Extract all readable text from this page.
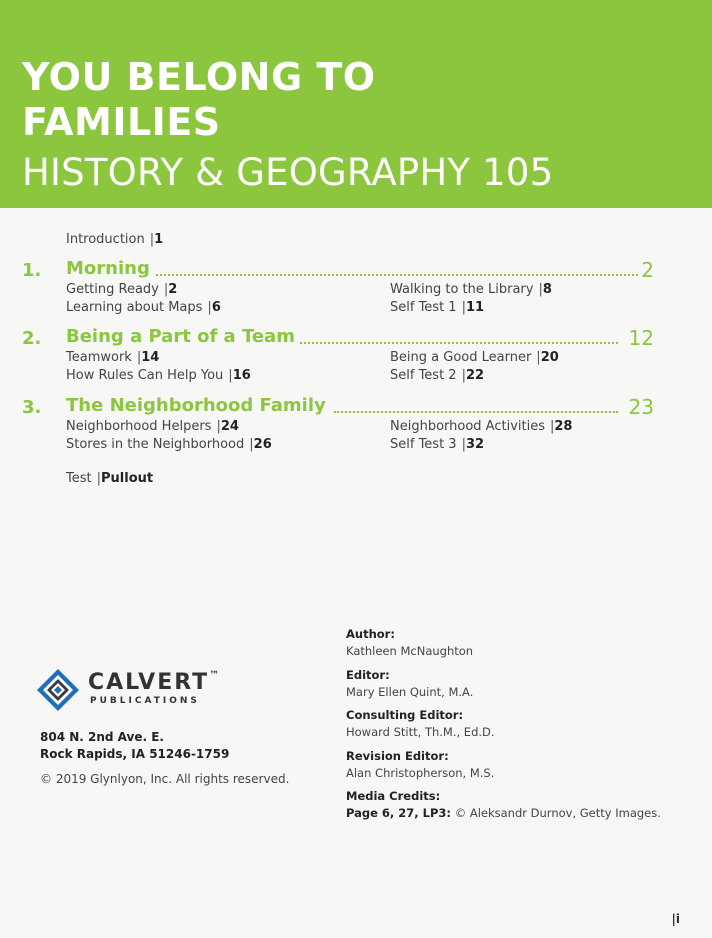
YOU BELONG TO
FAMILIES
HISTORY & GEOGRAPHY 105
Introduction |1
1. Morning	2
Getting Ready |2
Learning about Maps |6
Walking to the Library |8
Self Test 1 |11
2. Being a Part of a Team	12
Teamwork |14
How Rules Can Help You |16
Being a Good Learner |20
Self Test 2 |22
3. The Neighborhood Family	23
Neighborhood Helpers |24
Stores in the Neighborhood |26
Neighborhood Activities |28
Self Test 3 |32
Test |Pullout
CALVERT™
PUBLICATIONS
804 N. 2nd Ave. E.
Rock Rapids, IA 51246-1759
© 2019 Glynlyon, Inc. All rights reserved.
Author:
Kathleen McNaughton
Editor:
Mary Ellen Quint, M.A.
Consulting Editor:
Howard Stitt, Th.M., Ed.D.
Revision Editor:
Alan Christopherson, M.S.
Media Credits:
Page 6, 27, LP3: © Aleksandr Durnov, Getty Images.
|i
